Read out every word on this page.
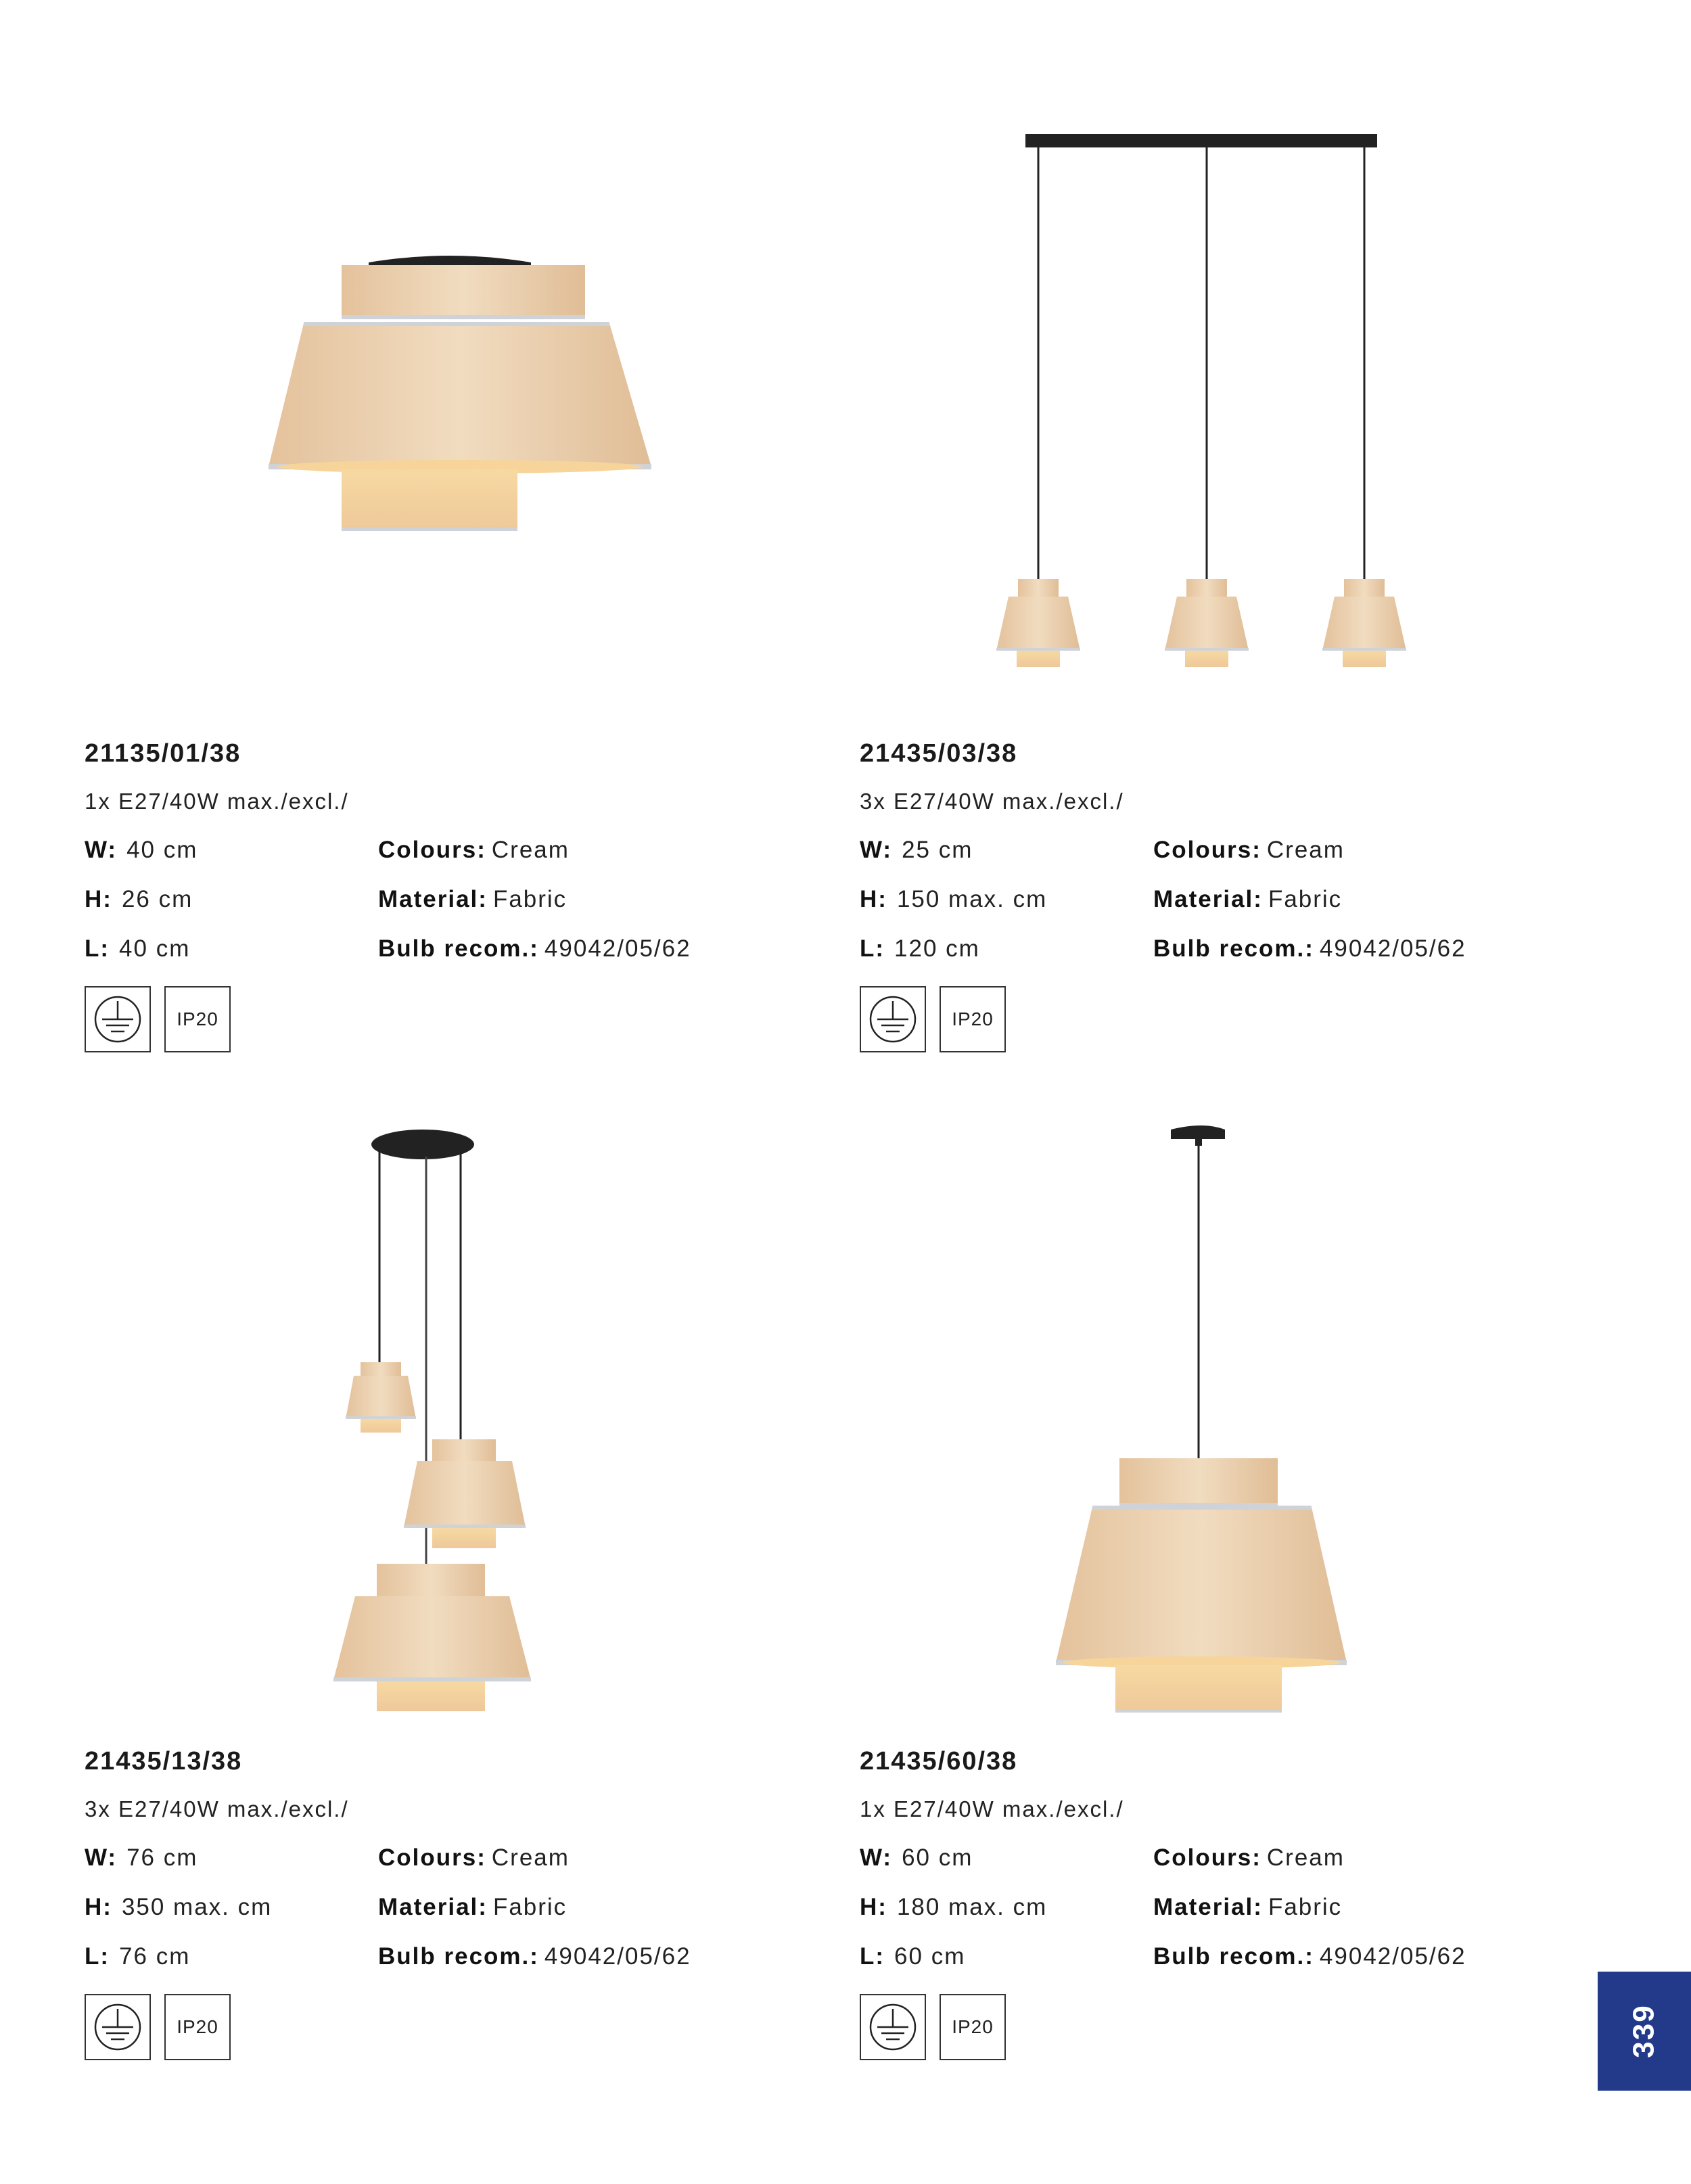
21135/01/38
1x E27/40W max./excl./
W: 40 cm
H: 26 cm
L: 40 cm
Colours: Cream
Material: Fabric
Bulb recom.: 49042/05/62
IP20
21435/03/38
3x E27/40W max./excl./
W: 25 cm
H: 150 max. cm
L: 120 cm
Colours: Cream
Material: Fabric
Bulb recom.: 49042/05/62
IP20
21435/13/38
3x E27/40W max./excl./
W: 76 cm
H: 350 max. cm
L: 76 cm
Colours: Cream
Material: Fabric
Bulb recom.: 49042/05/62
IP20
21435/60/38
1x E27/40W max./excl./
W: 60 cm
H: 180 max. cm
L: 60 cm
Colours: Cream
Material: Fabric
Bulb recom.: 49042/05/62
IP20	339
